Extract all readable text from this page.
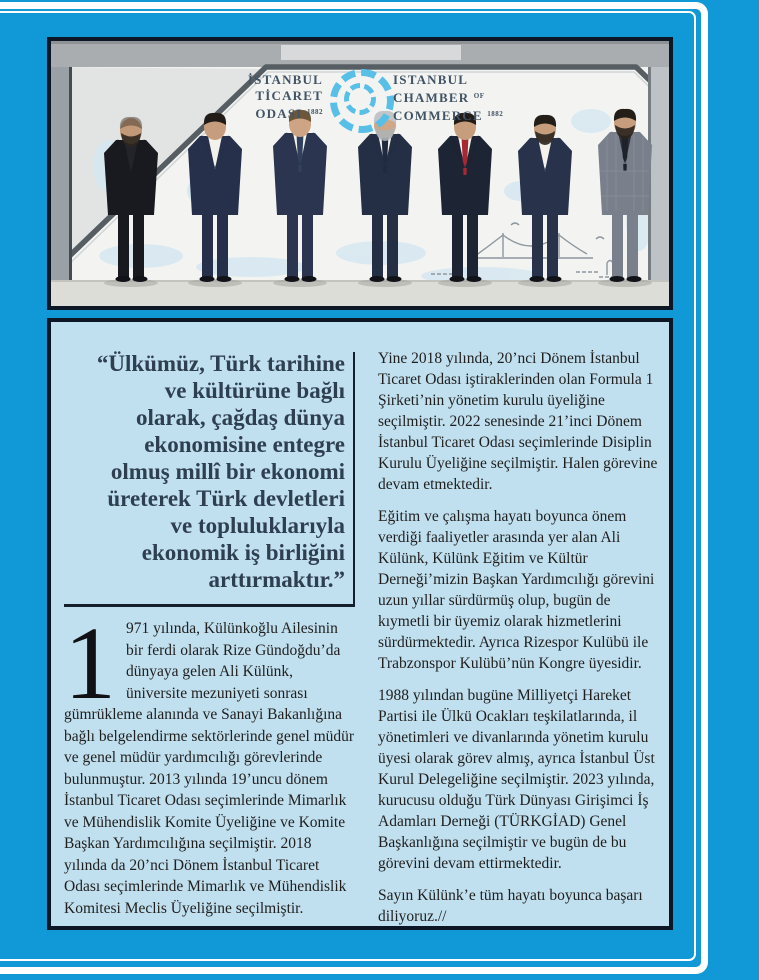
İSTANBUL
TİCARET
ODASI $^{1882}$
ISTANBUL
CHAMBER $^{OF}$
COMMERCE $^{1882}$
“Ülkümüz, Türk tarihine
ve kültürüne bağlı
olarak, çağdaş dünya
ekonomisine entegre
olmuş millî bir ekonomi
üreterek Türk devletleri
ve topluluklarıyla
ekonomik iş birliğini
arttırmaktır.”
1 971 yılında, Külünkoğlu Ailesinin bir ferdi olarak Rize Gündoğdu’da dünyaya gelen Ali Külünk, üniversite mezuniyeti sonrası gümrükleme alanında ve Sanayi Bakanlığına bağlı belgelendirme sektörlerinde genel müdür ve genel müdür yardımcılığı görevlerinde bulunmuştur. 2013 yılında 19’uncu dönem İstanbul Ticaret Odası seçimlerinde Mimarlık ve Mühendislik Komite Üyeliğine ve Komite Başkan Yardımcılığına seçilmiştir. 2018 yılında da 20’nci Dönem İstanbul Ticaret Odası seçimlerinde Mimarlık ve Mühendislik Komitesi Meclis Üyeliğine seçilmiştir.

Yine 2018 yılında, 20’nci Dönem İstanbul Ticaret Odası iştiraklerinden olan Formula 1 Şirketi’nin yönetim kurulu üyeliğine seçilmiştir. 2022 senesinde 21’inci Dönem İstanbul Ticaret Odası seçimlerinde Disiplin Kurulu Üyeliğine seçilmiştir. Halen görevine devam etmektedir.

Eğitim ve çalışma hayatı boyunca önem verdiği faaliyetler arasında yer alan Ali Külünk, Külünk Eğitim ve Kültür Derneği’mizin Başkan Yardımcılığı görevini uzun yıllar sürdürmüş olup, bugün de kıymetli bir üyemiz olarak hizmetlerini sürdürmektedir. Ayrıca Rizespor Kulübü ile Trabzonspor Kulübü’nün Kongre üyesidir.

1988 yılından bugüne Milliyetçi Hareket Partisi ile Ülkü Ocakları teşkilatlarında, il yönetimleri ve divanlarında yönetim kurulu üyesi olarak görev almış, ayrıca İstanbul Üst Kurul Delegeliğine seçilmiştir. 2023 yılında, kurucusu olduğu Türk Dünyası Girişimci İş Adamları Derneği (TÜRKGİAD) Genel Başkanlığına seçilmiştir ve bugün de bu görevini devam ettirmektedir.

Sayın Külünk’e tüm hayatı boyunca başarı diliyoruz.//
